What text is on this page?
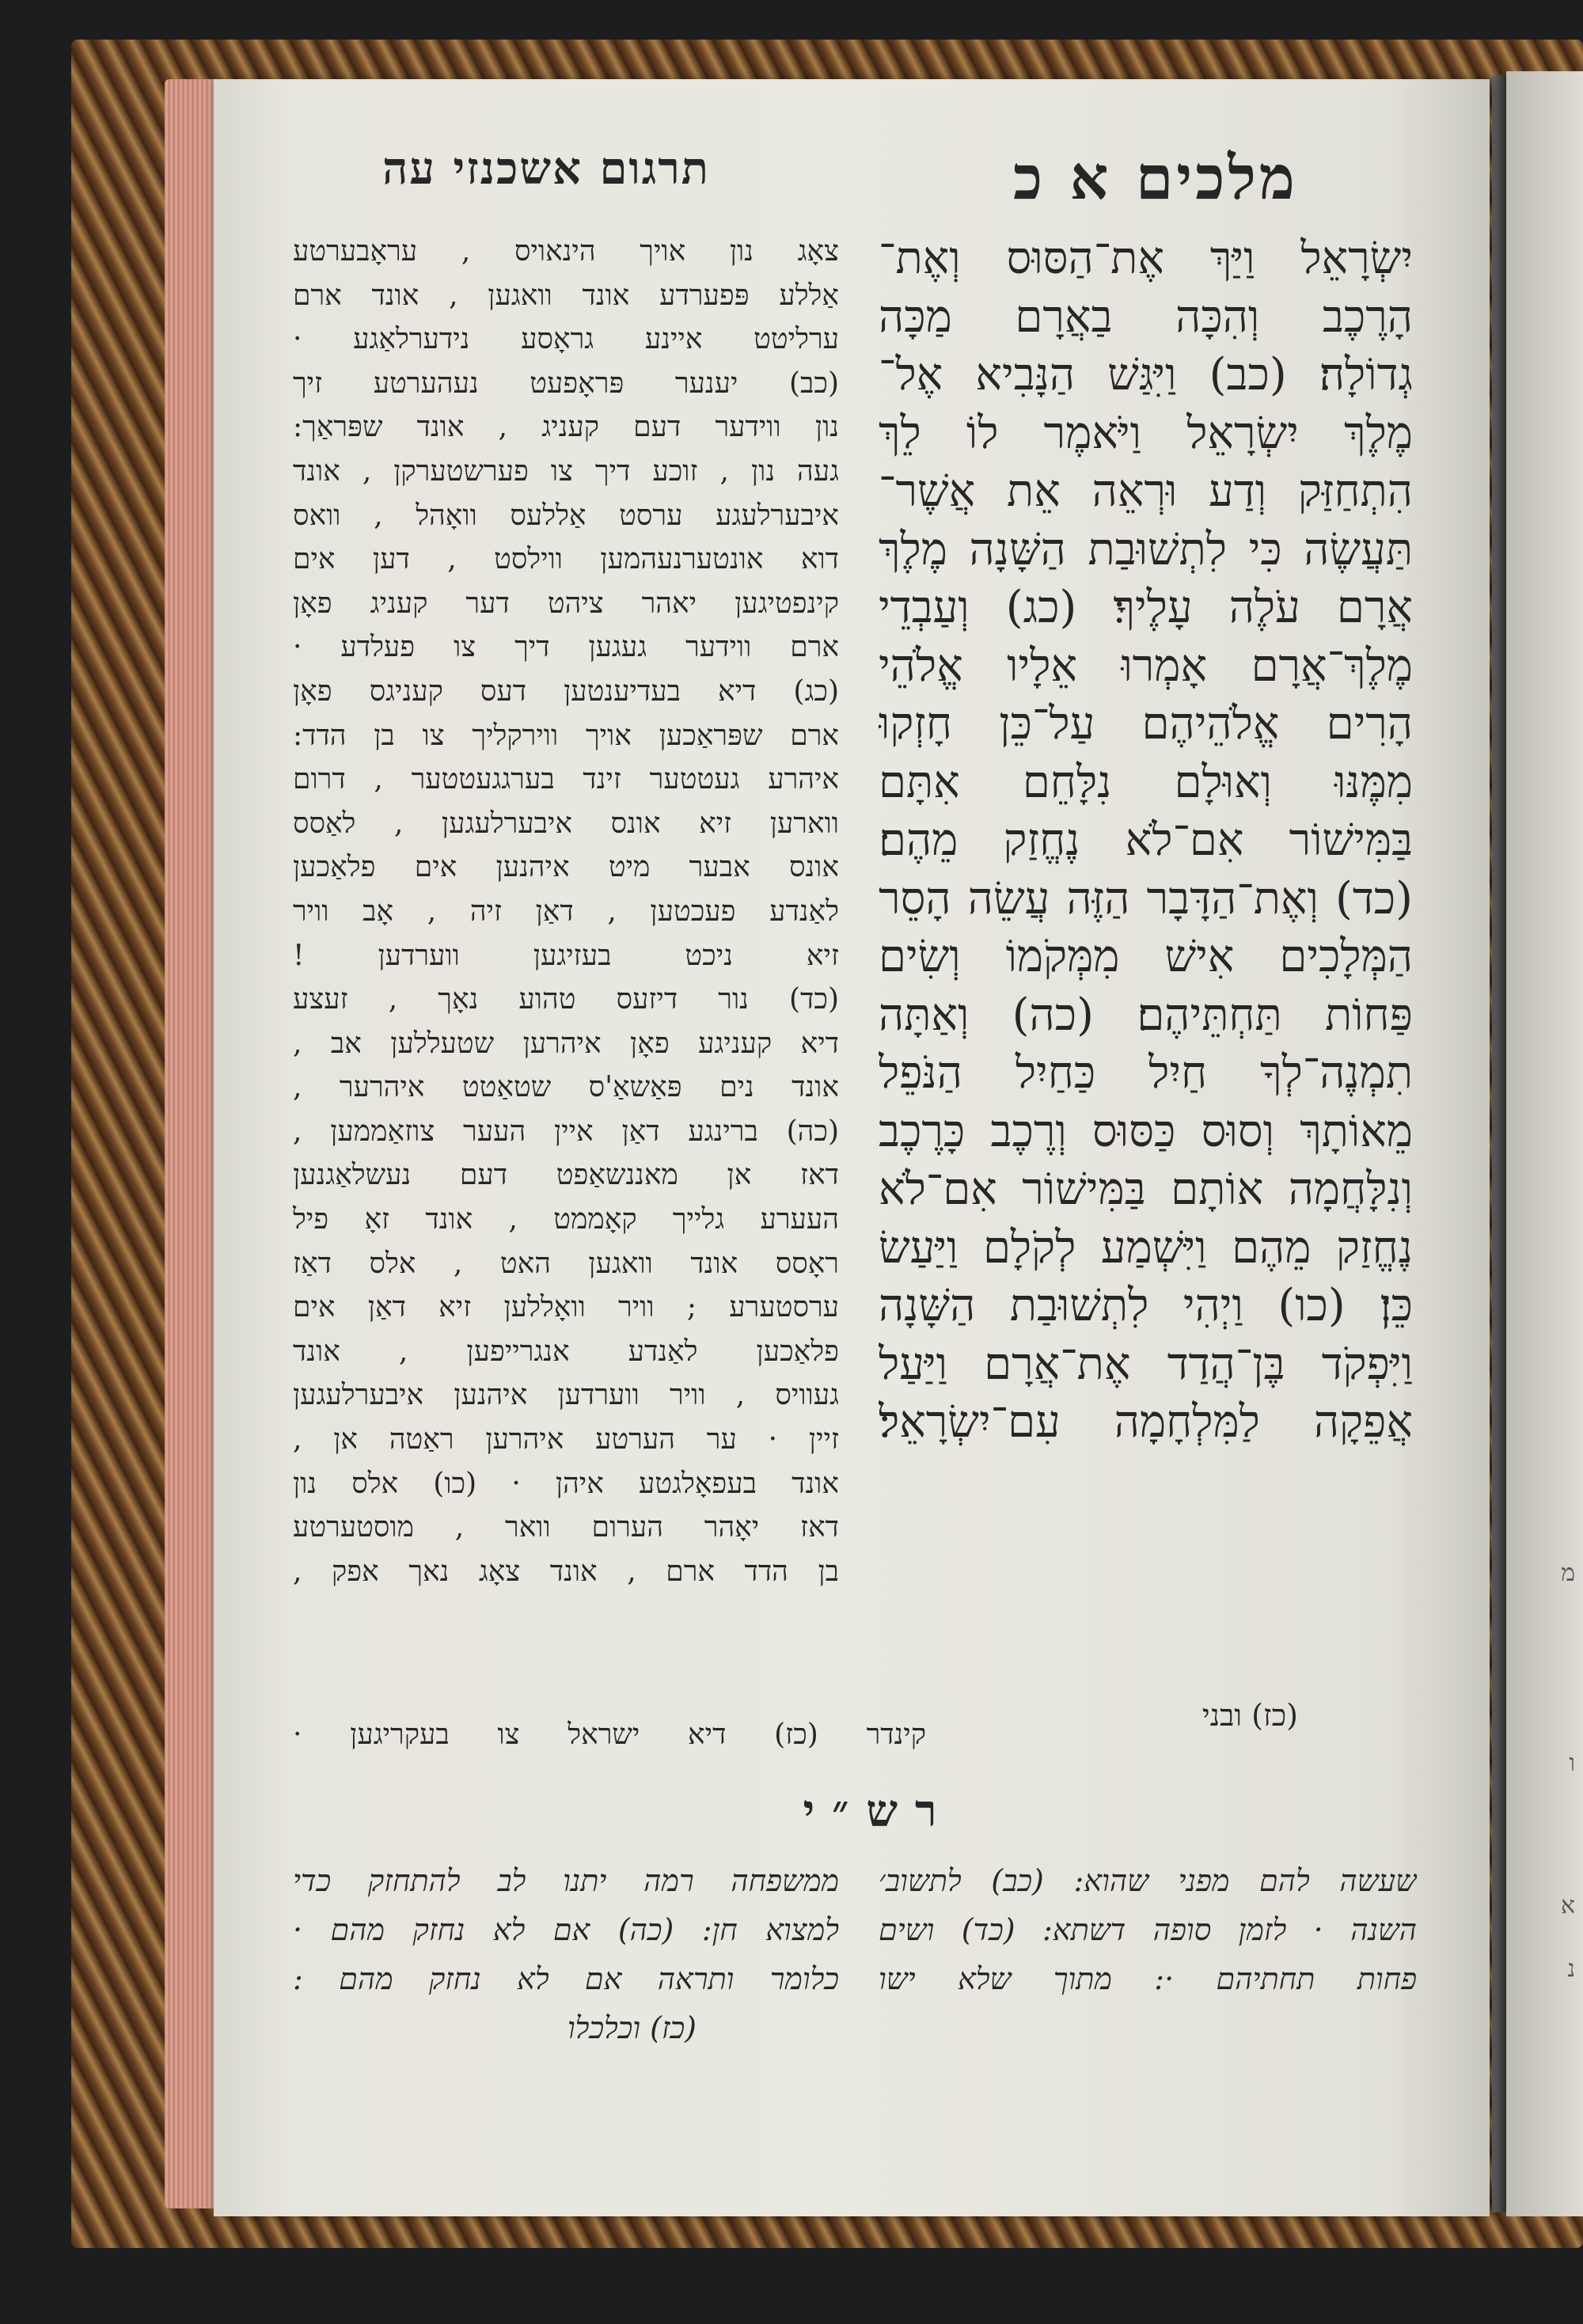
מ
ו
א
נ
מלכים א כ
תרגום אשכנזי עה
יִשְׂרָאֵל וַיַּךְ אֶת־הַסּוּס וְאֶת־
הָרֶכֶב וְהִכָּה בַאֲרָם מַכָּה
גְדוֹלָה׃ (כב) וַיִּגַּשׁ הַנָּבִיא אֶל־
מֶלֶךְ יִשְׂרָאֵל וַיֹּאמֶר לוֹ לֵךְ
הִתְחַזַּק וְדַע וּרְאֵה אֵת אֲשֶׁר־
תַּעֲשֶׂה כִּי לִתְשׁוּבַת הַשָּׁנָה מֶלֶךְ
אֲרָם עֹלֶה עָלֶיךָ׃ (כג) וְעַבְדֵי
מֶלֶךְ־אֲרָם אָמְרוּ אֵלָיו אֱלֹהֵי
הָרִים אֱלֹהֵיהֶם עַל־כֵּן חָזְקוּ
מִמֶּנּוּ וְאוּלָם נִלָּחֵם אִתָּם
בַּמִּישׁוֹר אִם־לֹא נֶחֱזַק מֵהֶם׃
(כד) וְאֶת־הַדָּבָר הַזֶּה עֲשֵׂה הָסֵר
הַמְּלָכִים אִישׁ מִמְּקֹמוֹ וְשִׂים
פַּחוֹת תַּחְתֵּיהֶם׃ (כה) וְאַתָּה
תִמְנֶה־לְךָ חַיִל כַּחַיִל הַנֹּפֵל
מֵאוֹתָךְ וְסוּס כַּסּוּס וְרֶכֶב כָּרֶכֶב
וְנִלָּחֲמָה אוֹתָם בַּמִּישׁוֹר אִם־לֹא
נֶחֱזַק מֵהֶם וַיִּשְׁמַע לְקֹלָם וַיַּעַשׂ
כֵּן׃ (כו) וַיְהִי לִתְשׁוּבַת הַשָּׁנָה
וַיִּפְקֹד בֶּן־הֲדַד אֶת־אֲרָם וַיַּעַל
אֲפֵקָה לַמִּלְחָמָה עִם־יִשְׂרָאֵל׃
(כז) ובני
צאָג נון אויך הינאויס , עראָבערטע
אַללע פּפערדע אונד וואגען , אונד ארם
ערליטט איינע גראָסע נידערלאַגע ·
(כב) יענער פּראָפעט נעהערטע זיך
נון ווידער דעם קעניג , אונד שפּראַך:
געה נון , זוכע דיך צו פערשטערקן , אונד
איבערלעגע ערסט אַללעס וואָהל , וואס
דוא אונטערנעהמען ווילסט , דען אים
קינפטיגען יאהר ציהט דער קעניג פאָן
ארם ווידער געגען דיך צו פעלדע ·
(כג) דיא בעדיענטען דעס קעניגס פאָן
ארם שפּראַכען אויך ווירקליך צו בן הדד:
איהרע געטטער זינד בערגגעטטער , דרום
ווארען זיא אונס איבערלעגען , לאַסס
אונס אבער מיט איהנען אים פלאַכען
לאַנדע פעכטען , דאַן זיה , אָב וויר
זיא ניכט בעזיגען ווערדען !
(כד) נור דיזעס טהוע נאָך , זעצע
דיא קעניגע פאָן איהרען שטעללען אב ,
אונד נים פּאַשאַ'ס שטאַטט איהרער ,
(כה) ברינגע דאַן איין העער צוזאַממען ,
דאז אן מאננשאַפט דעם נעשלאַגנען
העערע גלייך קאָממט , אונד זאָ פיל
ראָסס אונד וואגען האט , אלס דאַז
ערסטערע ; וויר וואָללען זיא דאַן אים
פלאַכען לאַנדע אנגרייפען , אונד
געוויס , וויר ווערדען איהנען איבערלעגען
זיין · ער הערטע איהרען ראַטה אן ,
אונד בעפאָלגטע איהן · (כו) אלס נון
דאז יאָהר הערום וואר , מוסטערטע
בן הדד ארם , אונד צאָג נאך אפק ,
קינדר (כז) דיא ישראל צו בעקריגען ·
רש״י
שעשה להם מפני שהוא: (כב) לתשוב׳
השנה · לזמן סופה דשתא: (כד) ושים
פחות תחתיהם ·: מתוך שלא ישו
ממשפחה רמה יתנו לב להתחזק כדי
למצוא חן: (כה) אם לא נחזק מהם ·
כלומר ותראה אם לא נחזק מהם :
(כז) וכלכלו
